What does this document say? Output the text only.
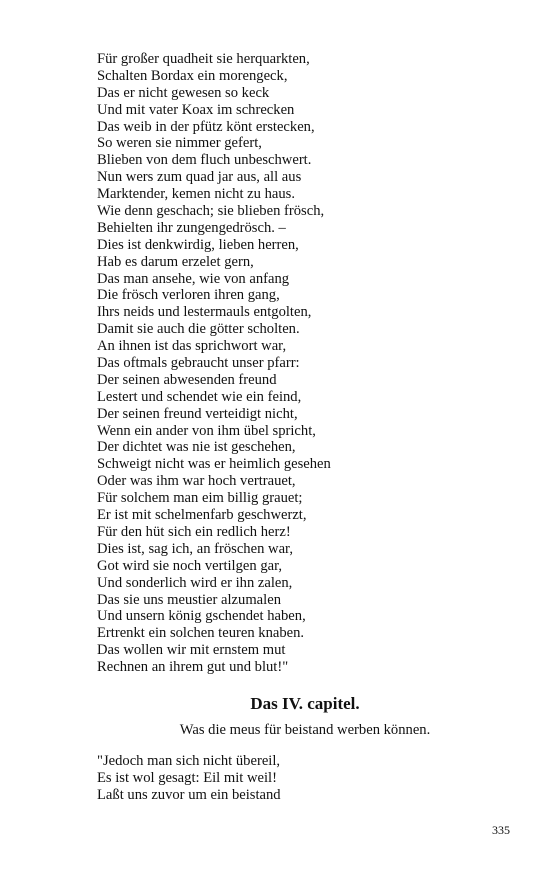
Für großer quadheit sie herquarkten,
Schalten Bordax ein morengeck,
Das er nicht gewesen so keck
Und mit vater Koax im schrecken
Das weib in der pfütz könt erstecken,
So weren sie nimmer gefert,
Blieben von dem fluch unbeschwert.
Nun wers zum quad jar aus, all aus
Marktender, kemen nicht zu haus.
Wie denn geschach; sie blieben frösch,
Behielten ihr zungengedrösch. –
Dies ist denkwirdig, lieben herren,
Hab es darum erzelet gern,
Das man ansehe, wie von anfang
Die frösch verloren ihren gang,
Ihrs neids und lestermauls entgolten,
Damit sie auch die götter scholten.
An ihnen ist das sprichwort war,
Das oftmals gebraucht unser pfarr:
Der seinen abwesenden freund
Lestert und schendet wie ein feind,
Der seinen freund verteidigt nicht,
Wenn ein ander von ihm übel spricht,
Der dichtet was nie ist geschehen,
Schweigt nicht was er heimlich gesehen
Oder was ihm war hoch vertrauet,
Für solchem man eim billig grauet;
Er ist mit schelmenfarb geschwerzt,
Für den hüt sich ein redlich herz!
Dies ist, sag ich, an fröschen war,
Got wird sie noch vertilgen gar,
Und sonderlich wird er ihn zalen,
Das sie uns meustier alzumalen
Und unsern könig gschendet haben,
Ertrenkt ein solchen teuren knaben.
Das wollen wir mit ernstem mut
Rechnen an ihrem gut und blut!"
Das IV. capitel.
Was die meus für beistand werben können.
"Jedoch man sich nicht übereil,
Es ist wol gesagt: Eil mit weil!
Laßt uns zuvor um ein beistand
335
